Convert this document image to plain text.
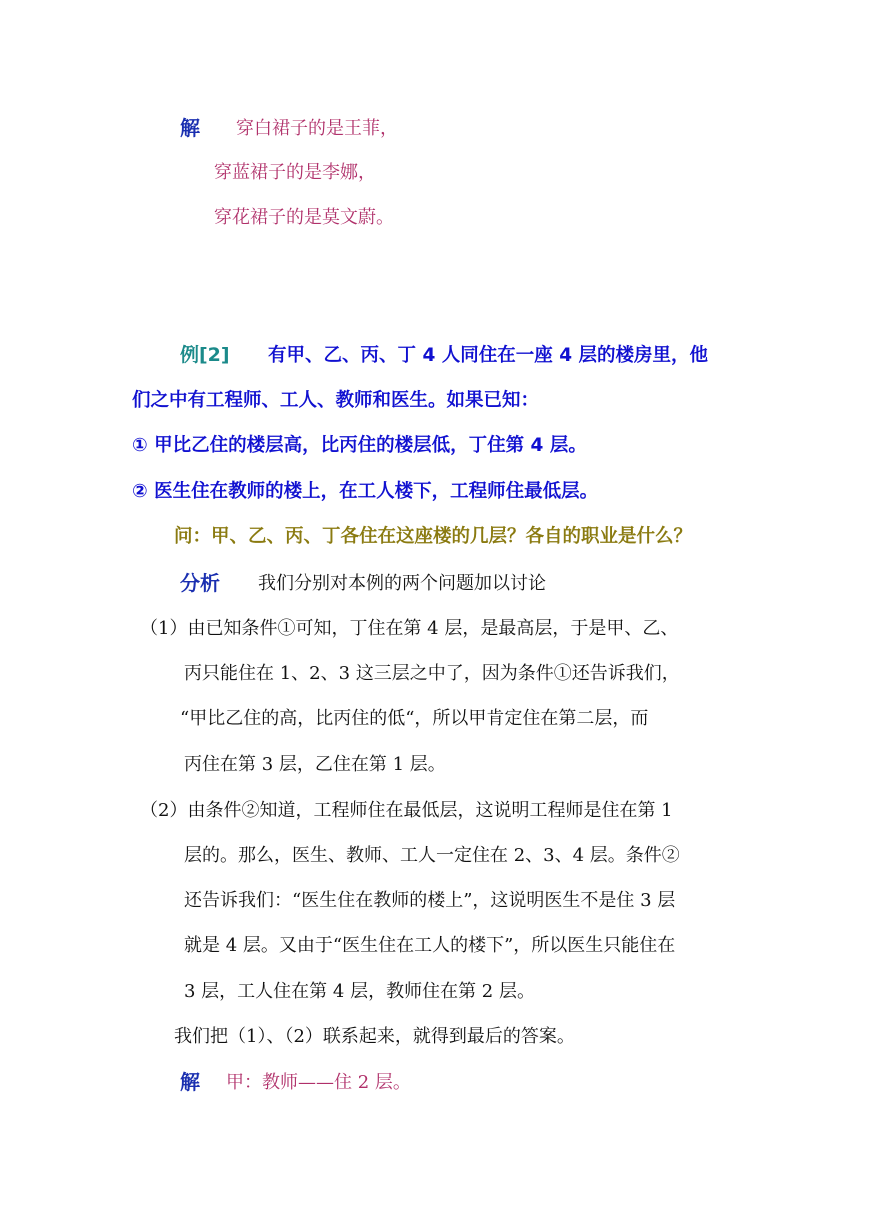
解 穿白裙子的是王菲，
穿蓝裙子的是李娜，
穿花裙子的是莫文蔚。
例[2] 有甲、乙、丙、丁 4 人同住在一座 4 层的楼房里，他
们之中有工程师、工人、教师和医生。如果已知：
① 甲比乙住的楼层高，比丙住的楼层低，丁住第 4 层。
② 医生住在教师的楼上，在工人楼下，工程师住最低层。
问：甲、乙、丙、丁各住在这座楼的几层？各自的职业是什么？
分析 我们分别对本例的两个问题加以讨论
（1）由已知条件①可知，丁住在第 4 层，是最高层，于是甲、乙、
丙只能住在 1、2、3 这三层之中了，因为条件①还告诉我们，
“甲比乙住的高，比丙住的低“，所以甲肯定住在第二层，而
丙住在第 3 层，乙住在第 1 层。
（2）由条件②知道，工程师住在最低层，这说明工程师是住在第 1
层的。那么，医生、教师、工人一定住在 2、3、4 层。条件②
还告诉我们：“医生住在教师的楼上”，这说明医生不是住 3 层
就是 4 层。又由于“医生住在工人的楼下”，所以医生只能住在
3 层，工人住在第 4 层，教师住在第 2 层。
我们把（1）、（2）联系起来，就得到最后的答案。
解 甲：教师——住 2 层。
